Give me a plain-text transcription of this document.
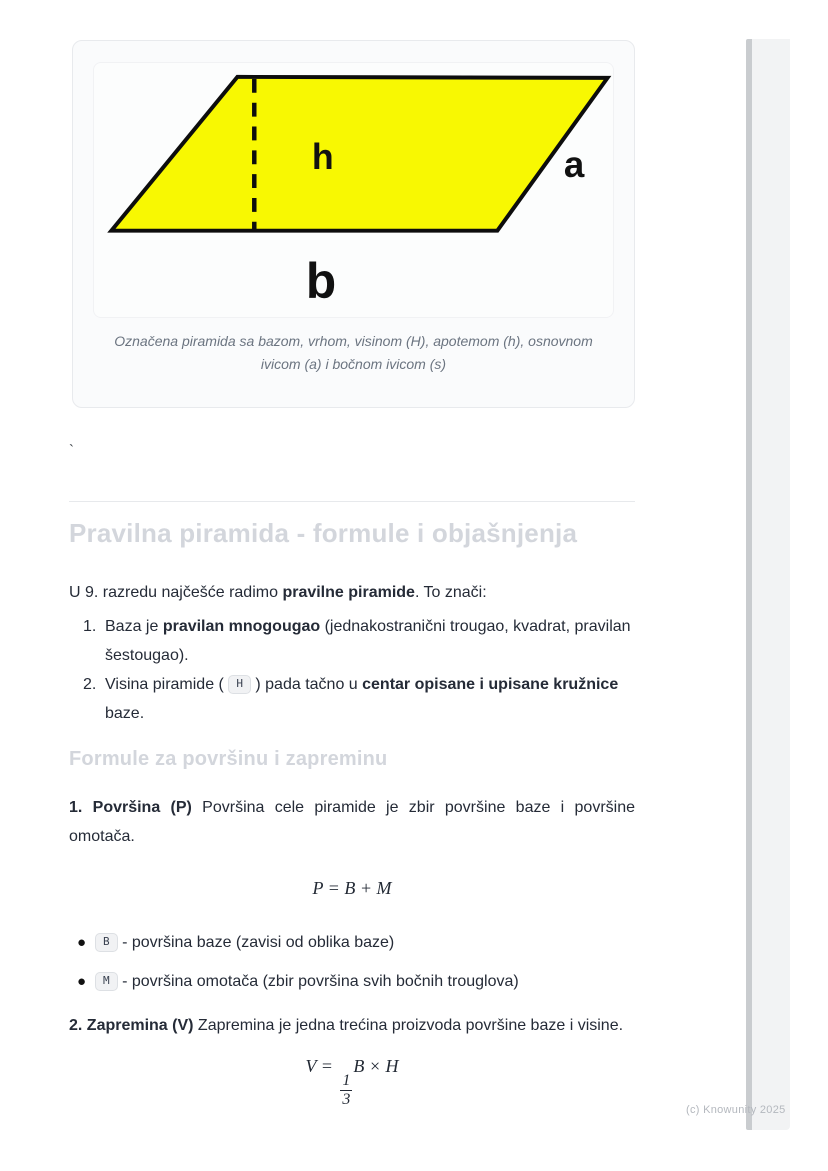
h	a
b
Označena piramida sa bazom, vrhom, visinom (H), apotemom (h), osnovnom ivicom (a) i bočnom ivicom (s)
`
Pravilna piramida - formule i objašnjenja

U 9. razredu najčešće radimo pravilne piramide. To znači:

1. Baza je pravilan mnogougao (jednakostranični trougao, kvadrat, pravilan šestougao).
2. Visina piramide ( H ) pada tačno u centar opisane i upisane kružnice baze.
Formule za površinu i zapreminu

1. Površina (P) Površina cele piramide je zbir površine baze i površine omotača.

P = B + M
● B - površina baze (zavisi od oblika baze)
● M - površina omotača (zbir površina svih bočnih trouglova)

2. Zapremina (V) Zapremina je jedna trećina proizvoda površine baze i visine.

V =
$\frac{1}{3}$
B × H
(c) Knowunity 2025
